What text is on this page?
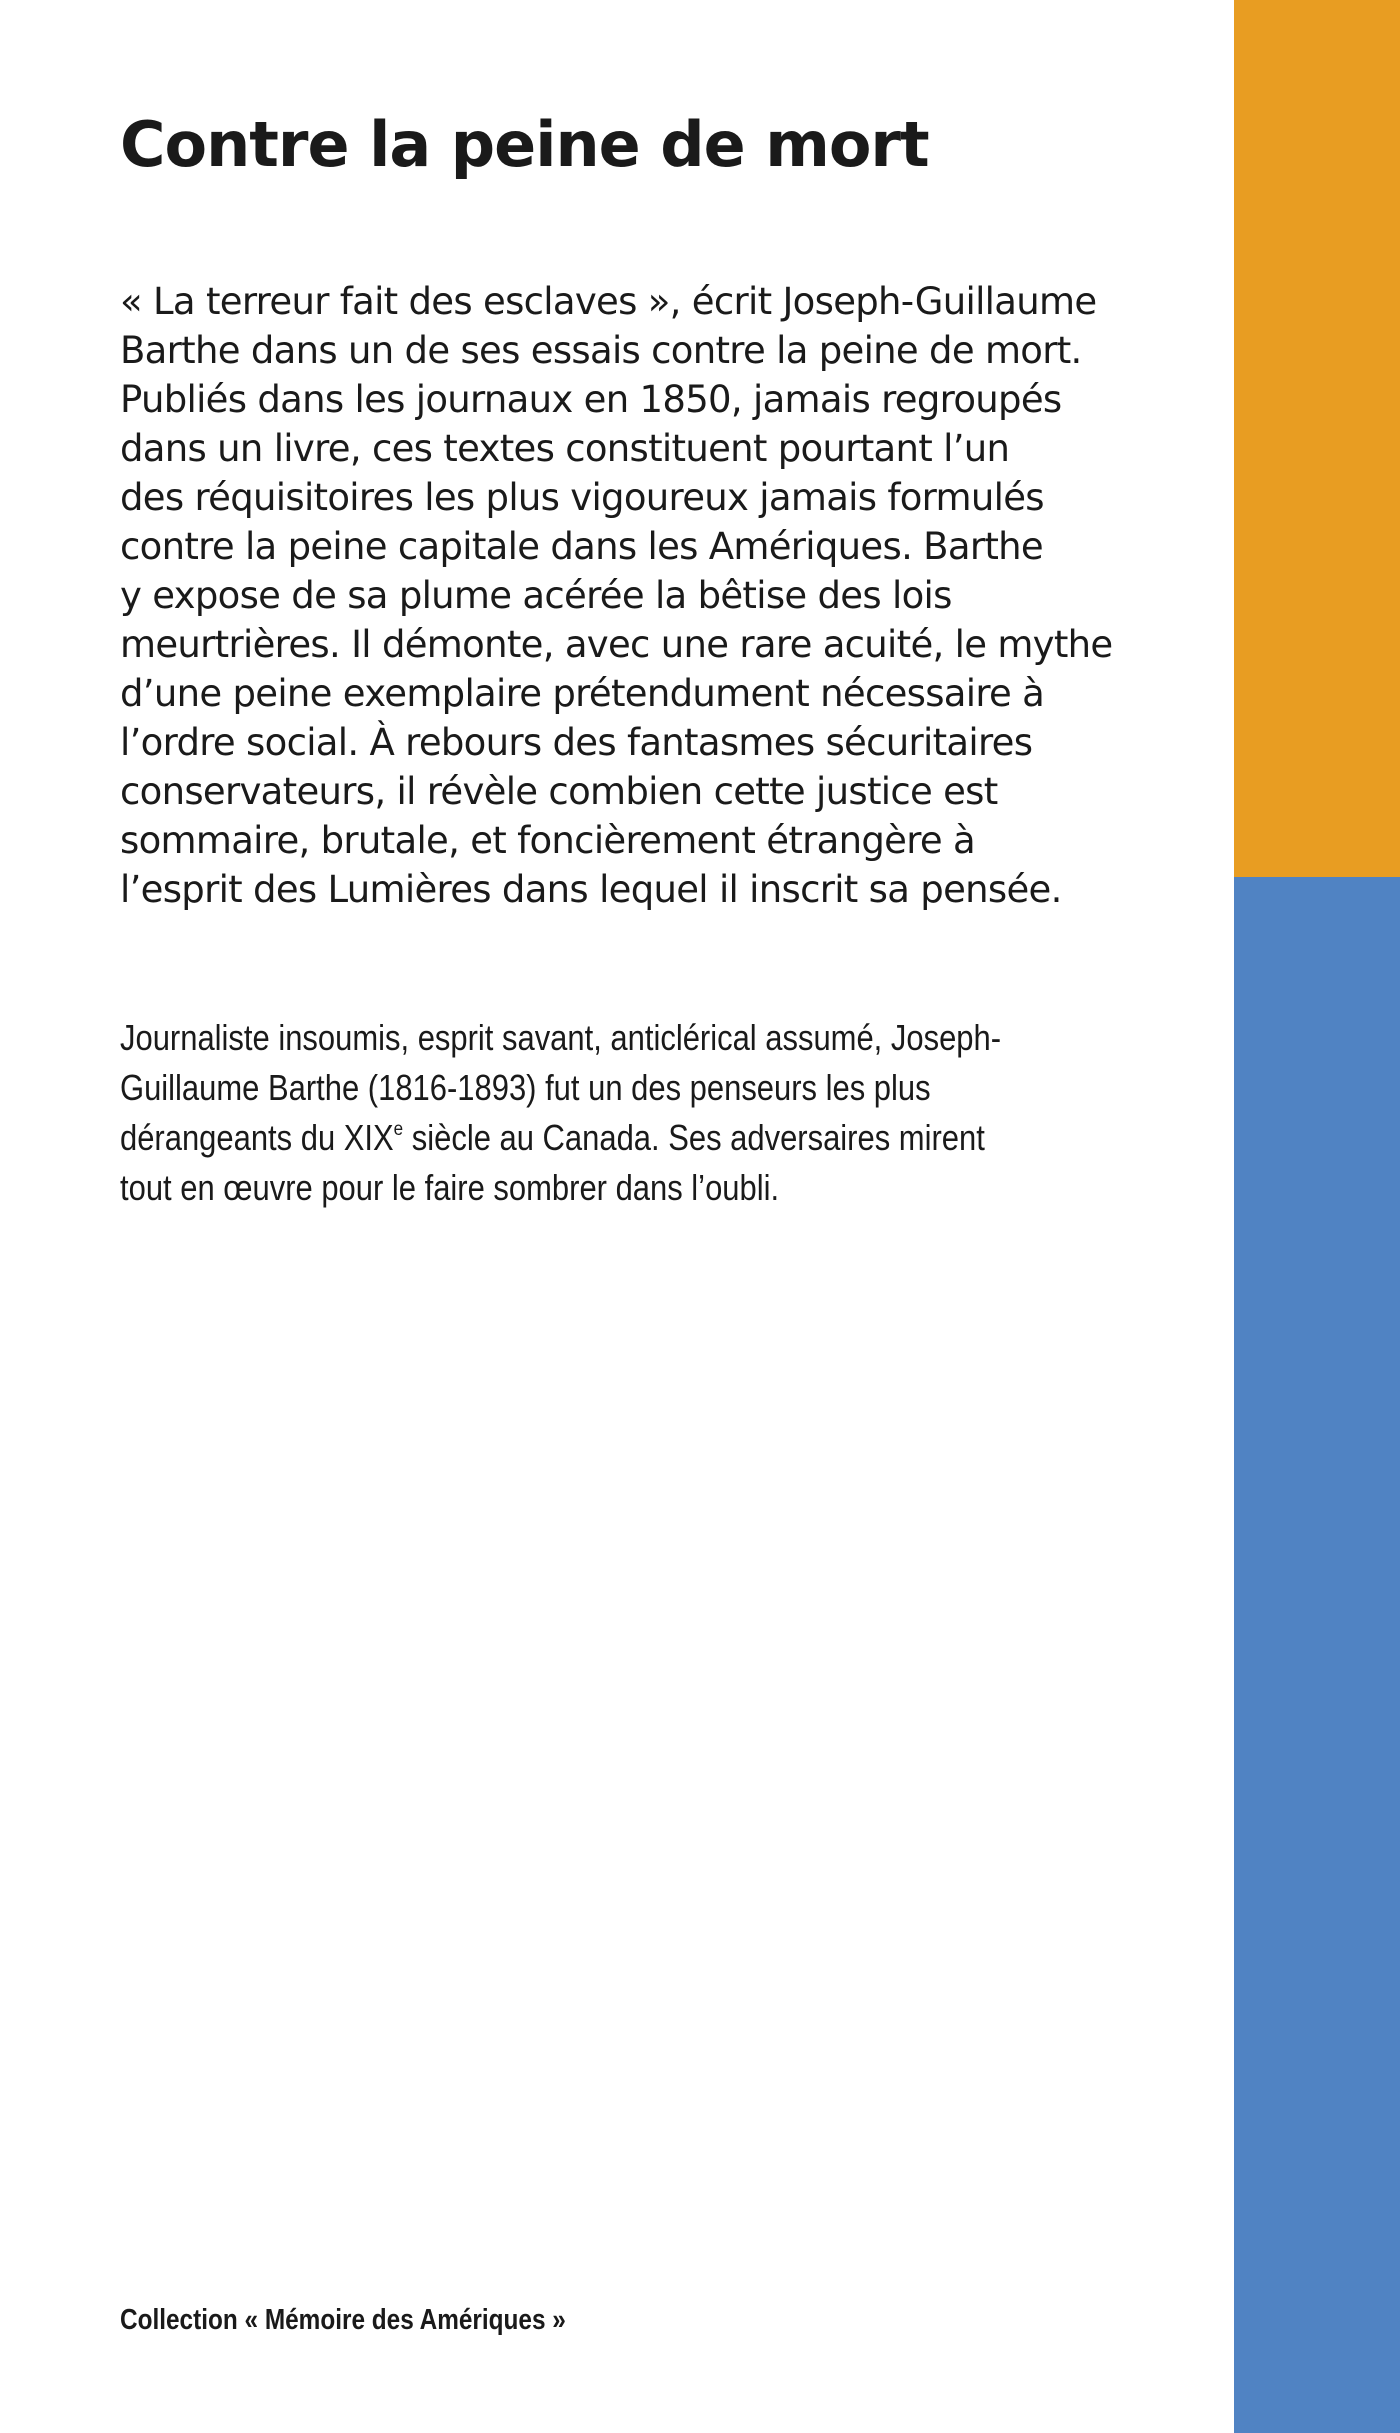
Contre la peine de mort
« La terreur fait des esclaves », écrit Joseph-Guillaume
Barthe dans un de ses essais contre la peine de mort.
Publiés dans les journaux en 1850, jamais regroupés
dans un livre, ces textes constituent pourtant l’un
des réquisitoires les plus vigoureux jamais formulés
contre la peine capitale dans les Amériques. Barthe
y expose de sa plume acérée la bêtise des lois
meurtrières. Il démonte, avec une rare acuité, le mythe
d’une peine exemplaire prétendument nécessaire à
l’ordre social. À rebours des fantasmes sécuritaires
conservateurs, il révèle combien cette justice est
sommaire, brutale, et foncièrement étrangère à
l’esprit des Lumières dans lequel il inscrit sa pensée.
Journaliste insoumis, esprit savant, anticlérical assumé, Joseph-
Guillaume Barthe (1816-1893) fut un des penseurs les plus
dérangeants du XIXe siècle au Canada. Ses adversaires mirent
tout en œuvre pour le faire sombrer dans l’oubli.
Collection « Mémoire des Amériques »
